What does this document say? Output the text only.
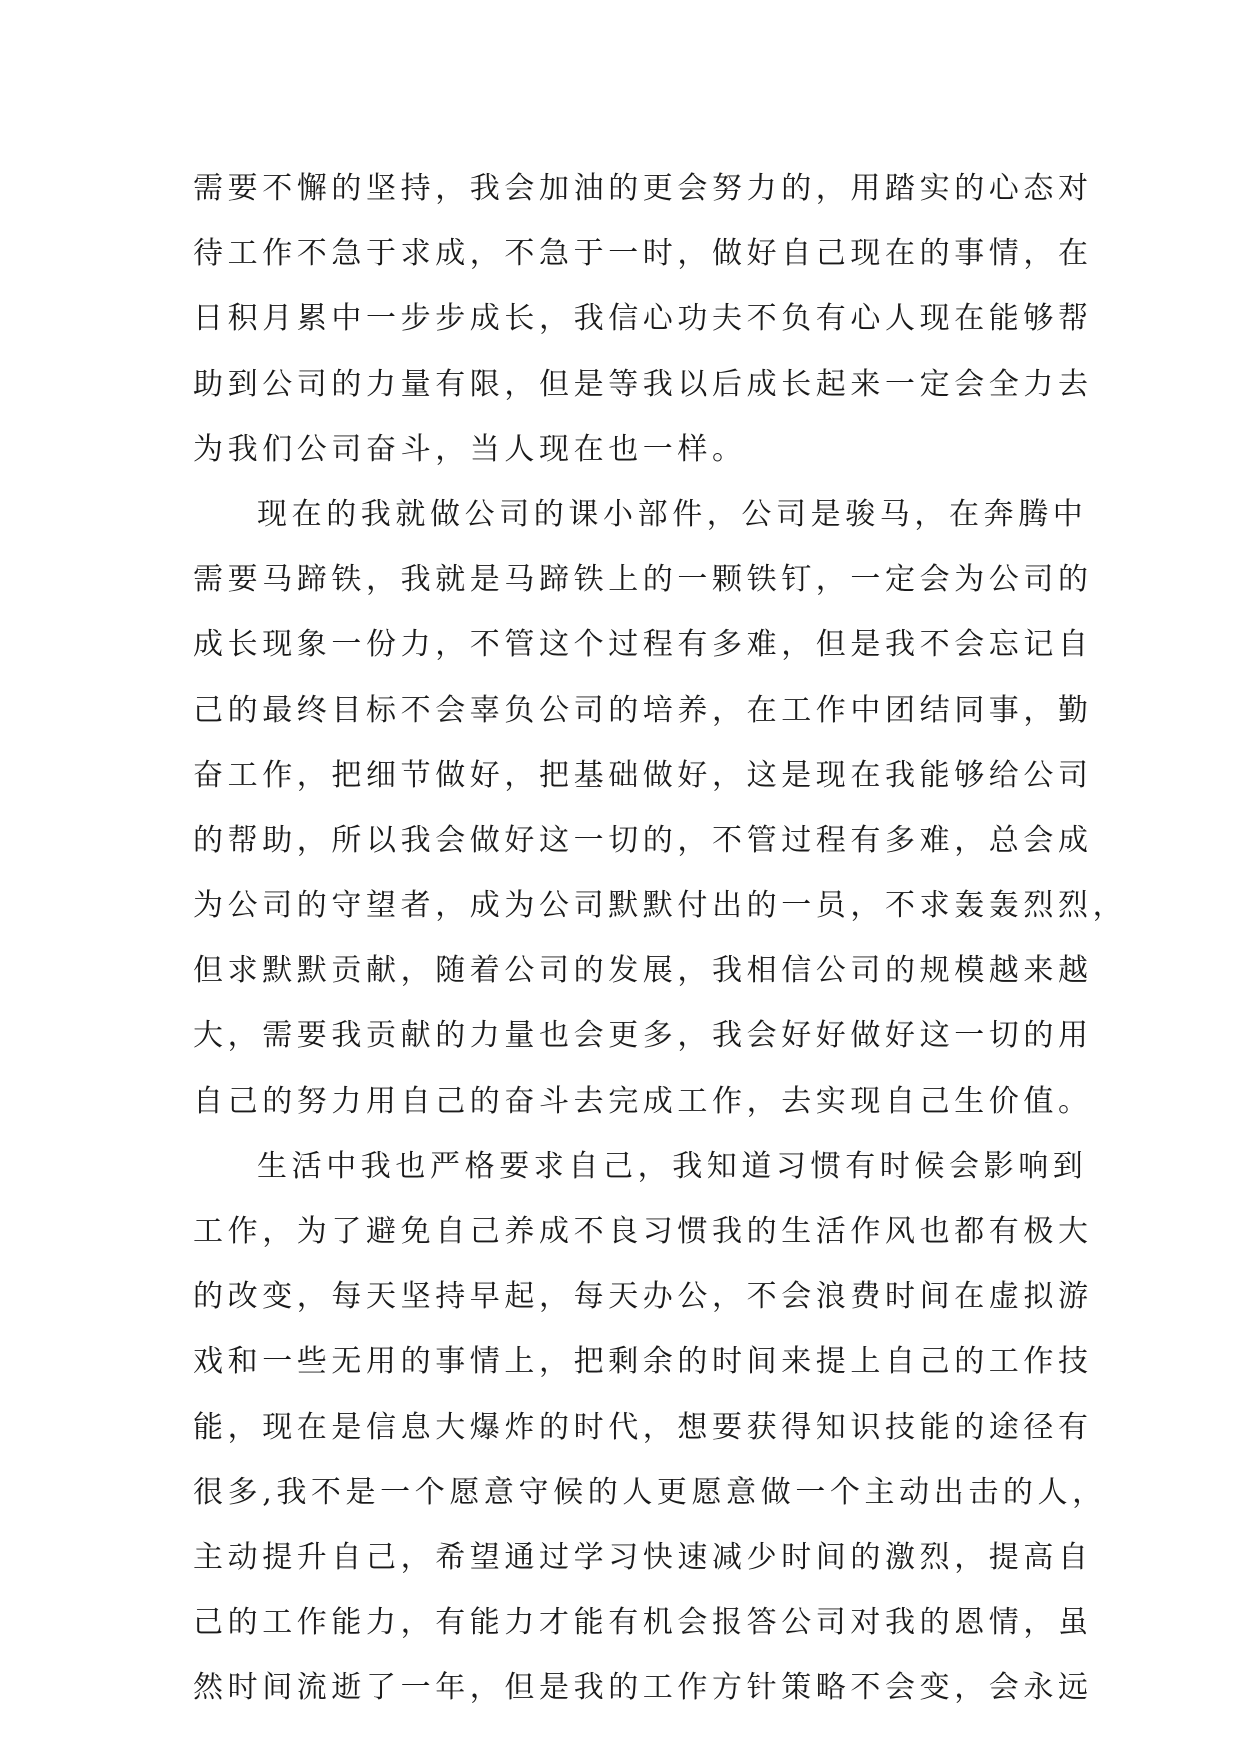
需要不懈的坚持，我会加油的更会努力的，用踏实的心态对
待工作不急于求成，不急于一时，做好自己现在的事情，在
日积月累中一步步成长，我信心功夫不负有心人现在能够帮
助到公司的力量有限，但是等我以后成长起来一定会全力去
为我们公司奋斗，当人现在也一样。
现在的我就做公司的课小部件，公司是骏马，在奔腾中
需要马蹄铁，我就是马蹄铁上的一颗铁钉，一定会为公司的
成长现象一份力，不管这个过程有多难，但是我不会忘记自
己的最终目标不会辜负公司的培养，在工作中团结同事，勤
奋工作，把细节做好，把基础做好，这是现在我能够给公司
的帮助，所以我会做好这一切的，不管过程有多难，总会成
为公司的守望者，成为公司默默付出的一员，不求轰轰烈烈，
但求默默贡献，随着公司的发展，我相信公司的规模越来越
大，需要我贡献的力量也会更多，我会好好做好这一切的用
自己的努力用自己的奋斗去完成工作，去实现自己生价值。
生活中我也严格要求自己，我知道习惯有时候会影响到
工作，为了避免自己养成不良习惯我的生活作风也都有极大
的改变，每天坚持早起，每天办公，不会浪费时间在虚拟游
戏和一些无用的事情上，把剩余的时间来提上自己的工作技
能，现在是信息大爆炸的时代，想要获得知识技能的途径有
很多,我不是一个愿意守候的人更愿意做一个主动出击的人，
主动提升自己，希望通过学习快速减少时间的激烈，提高自
己的工作能力，有能力才能有机会报答公司对我的恩情，虽
然时间流逝了一年，但是我的工作方针策略不会变，会永远
